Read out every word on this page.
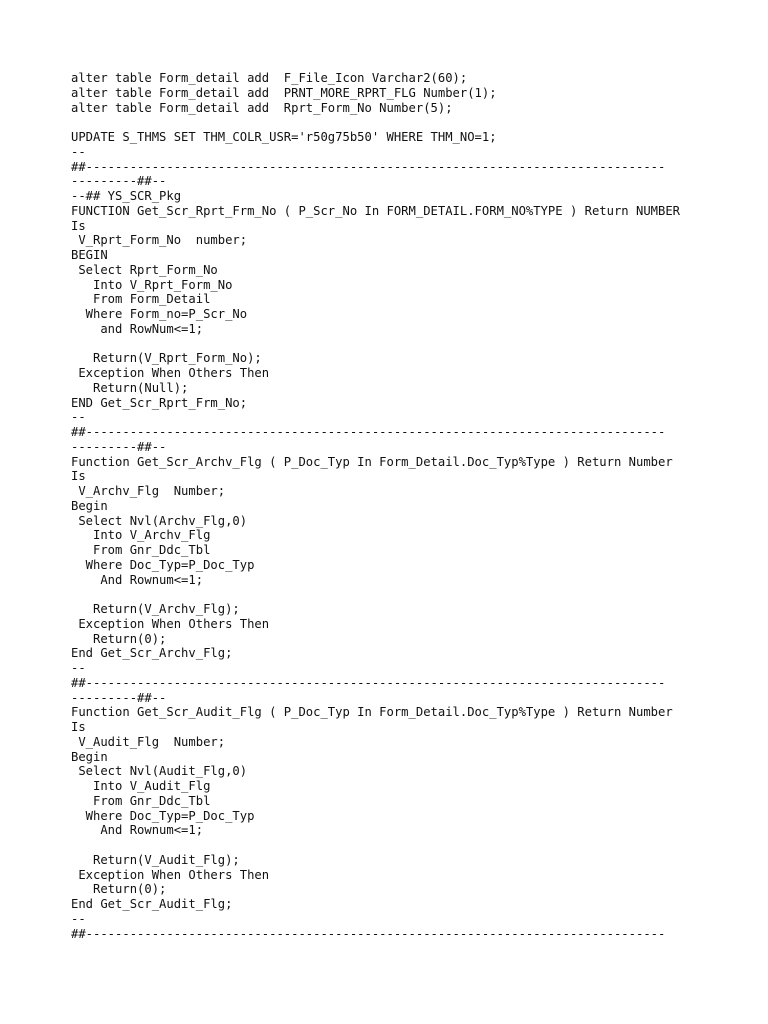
alter table Form_detail add  F_File_Icon Varchar2(60);
alter table Form_detail add  PRNT_MORE_RPRT_FLG Number(1);
alter table Form_detail add  Rprt_Form_No Number(5);
UPDATE S_THMS SET THM_COLR_USR='r50g75b50' WHERE THM_NO=1;
--
##-------------------------------------------------------------------------------
---------##--
--## YS_SCR_Pkg
FUNCTION Get_Scr_Rprt_Frm_No ( P_Scr_No In FORM_DETAIL.FORM_NO%TYPE ) Return NUMBER
Is
V_Rprt_Form_No  number;
BEGIN
Select Rprt_Form_No
Into V_Rprt_Form_No
From Form_Detail
Where Form_no=P_Scr_No
and RowNum<=1;
Return(V_Rprt_Form_No);
Exception When Others Then
Return(Null);
END Get_Scr_Rprt_Frm_No;
--
##-------------------------------------------------------------------------------
---------##--
Function Get_Scr_Archv_Flg ( P_Doc_Typ In Form_Detail.Doc_Typ%Type ) Return Number
Is
V_Archv_Flg  Number;
Begin
Select Nvl(Archv_Flg,0)
Into V_Archv_Flg
From Gnr_Ddc_Tbl
Where Doc_Typ=P_Doc_Typ
And Rownum<=1;
Return(V_Archv_Flg);
Exception When Others Then
Return(0);
End Get_Scr_Archv_Flg;
--
##-------------------------------------------------------------------------------
---------##--
Function Get_Scr_Audit_Flg ( P_Doc_Typ In Form_Detail.Doc_Typ%Type ) Return Number
Is
V_Audit_Flg  Number;
Begin
Select Nvl(Audit_Flg,0)
Into V_Audit_Flg
From Gnr_Ddc_Tbl
Where Doc_Typ=P_Doc_Typ
And Rownum<=1;
Return(V_Audit_Flg);
Exception When Others Then
Return(0);
End Get_Scr_Audit_Flg;
--
##-------------------------------------------------------------------------------
